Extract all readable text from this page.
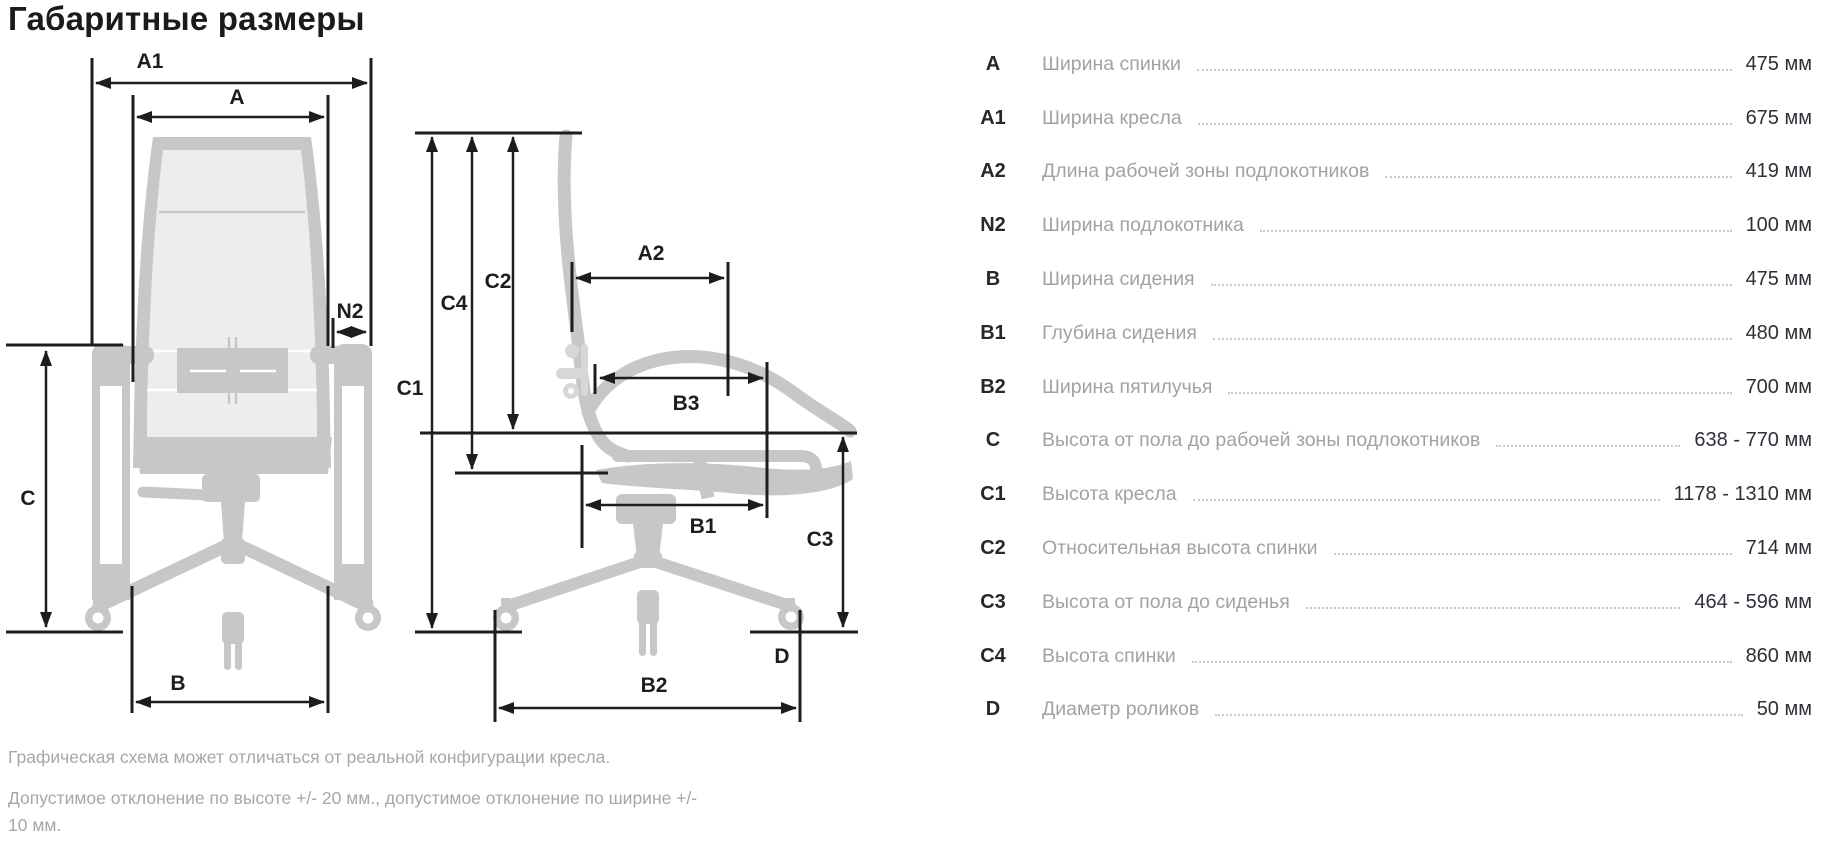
Габаритные размеры
A1
A
N2
C
B
C1
C4
C2
A2
B3
B1
C3
D
B2
A	Ширина спинки	475 мм
A1	Ширина кресла	675 мм
A2	Длина рабочей зоны подлокотников	419 мм
N2	Ширина подлокотника	100 мм
B	Ширина сидения	475 мм
B1	Глубина сидения	480 мм
B2	Ширина пятилучья	700 мм
C	Высота от пола до рабочей зоны подлокотников	638 - 770 мм
C1	Высота кресла	1178 - 1310 мм
C2	Относительная высота спинки	714 мм
C3	Высота от пола до сиденья	464 - 596 мм
C4	Высота спинки	860 мм
D	Диаметр роликов	50 мм

Графическая схема может отличаться от реальной конфигурации кресла.

Допустимое отклонение по высоте +/- 20 мм., допустимое отклонение по ширине +/- 10 мм.
